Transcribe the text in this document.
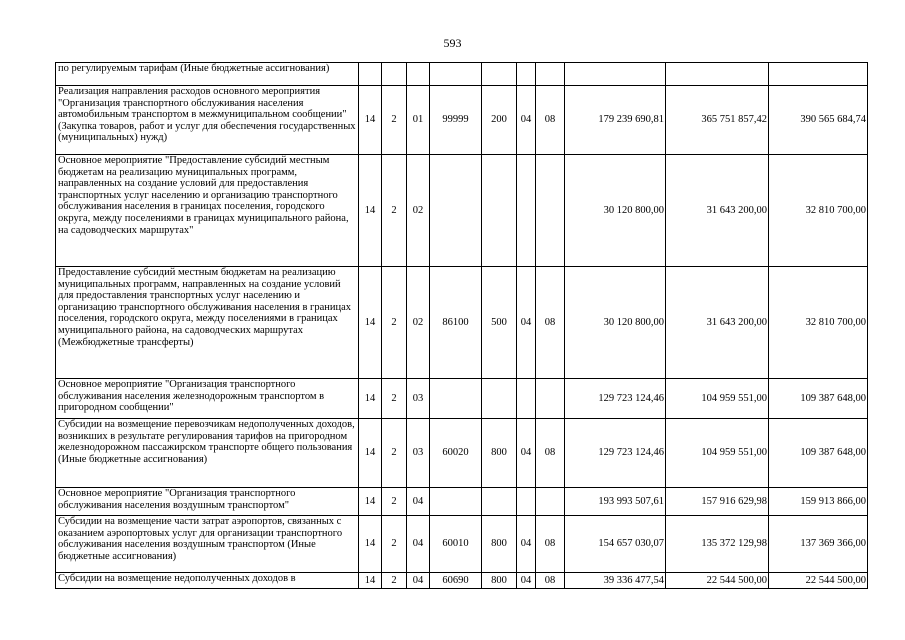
593
по регулируемым тарифам (Иные бюджетные ассигнования)										
Реализация направления расходов основного мероприятия "Организация транспортного обслуживания населения автомобильным транспортом в межмуниципальном сообщении" (Закупка товаров, работ и услуг для обеспечения государственных (муниципальных) нужд)	14	2	01	99999	200	04	08	179 239 690,81	365 751 857,42	390 565 684,74
Основное мероприятие "Предоставление субсидий местным бюджетам на реализацию муниципальных программ, направленных на создание условий для предоставления транспортных услуг населению и организацию транспортного обслуживания населения в границах поселения, городского округа, между поселениями в границах муниципального района, на садоводческих маршрутах"	14	2	02					30 120 800,00	31 643 200,00	32 810 700,00
Предоставление субсидий местным бюджетам на реализацию муниципальных программ, направленных на создание условий для предоставления транспортных услуг населению и организацию транспортного обслуживания населения в границах поселения, городского округа, между поселениями в границах муниципального района, на садоводческих маршрутах (Межбюджетные трансферты)	14	2	02	86100	500	04	08	30 120 800,00	31 643 200,00	32 810 700,00
Основное мероприятие "Организация транспортного обслуживания населения железнодорожным транспортом в пригородном сообщении"	14	2	03					129 723 124,46	104 959 551,00	109 387 648,00
Субсидии на возмещение перевозчикам недополученных доходов, возникших в результате регулирования тарифов на пригородном железнодорожном пассажирском транспорте общего пользования (Иные бюджетные ассигнования)	14	2	03	60020	800	04	08	129 723 124,46	104 959 551,00	109 387 648,00
Основное мероприятие "Организация транспортного обслуживания населения воздушным транспортом"	14	2	04					193 993 507,61	157 916 629,98	159 913 866,00
Субсидии на возмещение части затрат аэропортов, связанных с оказанием аэропортовых услуг для организации транспортного обслуживания населения воздушным транспортом (Иные бюджетные ассигнования)	14	2	04	60010	800	04	08	154 657 030,07	135 372 129,98	137 369 366,00
Субсидии на возмещение недополученных доходов в	14	2	04	60690	800	04	08	39 336 477,54	22 544 500,00	22 544 500,00
